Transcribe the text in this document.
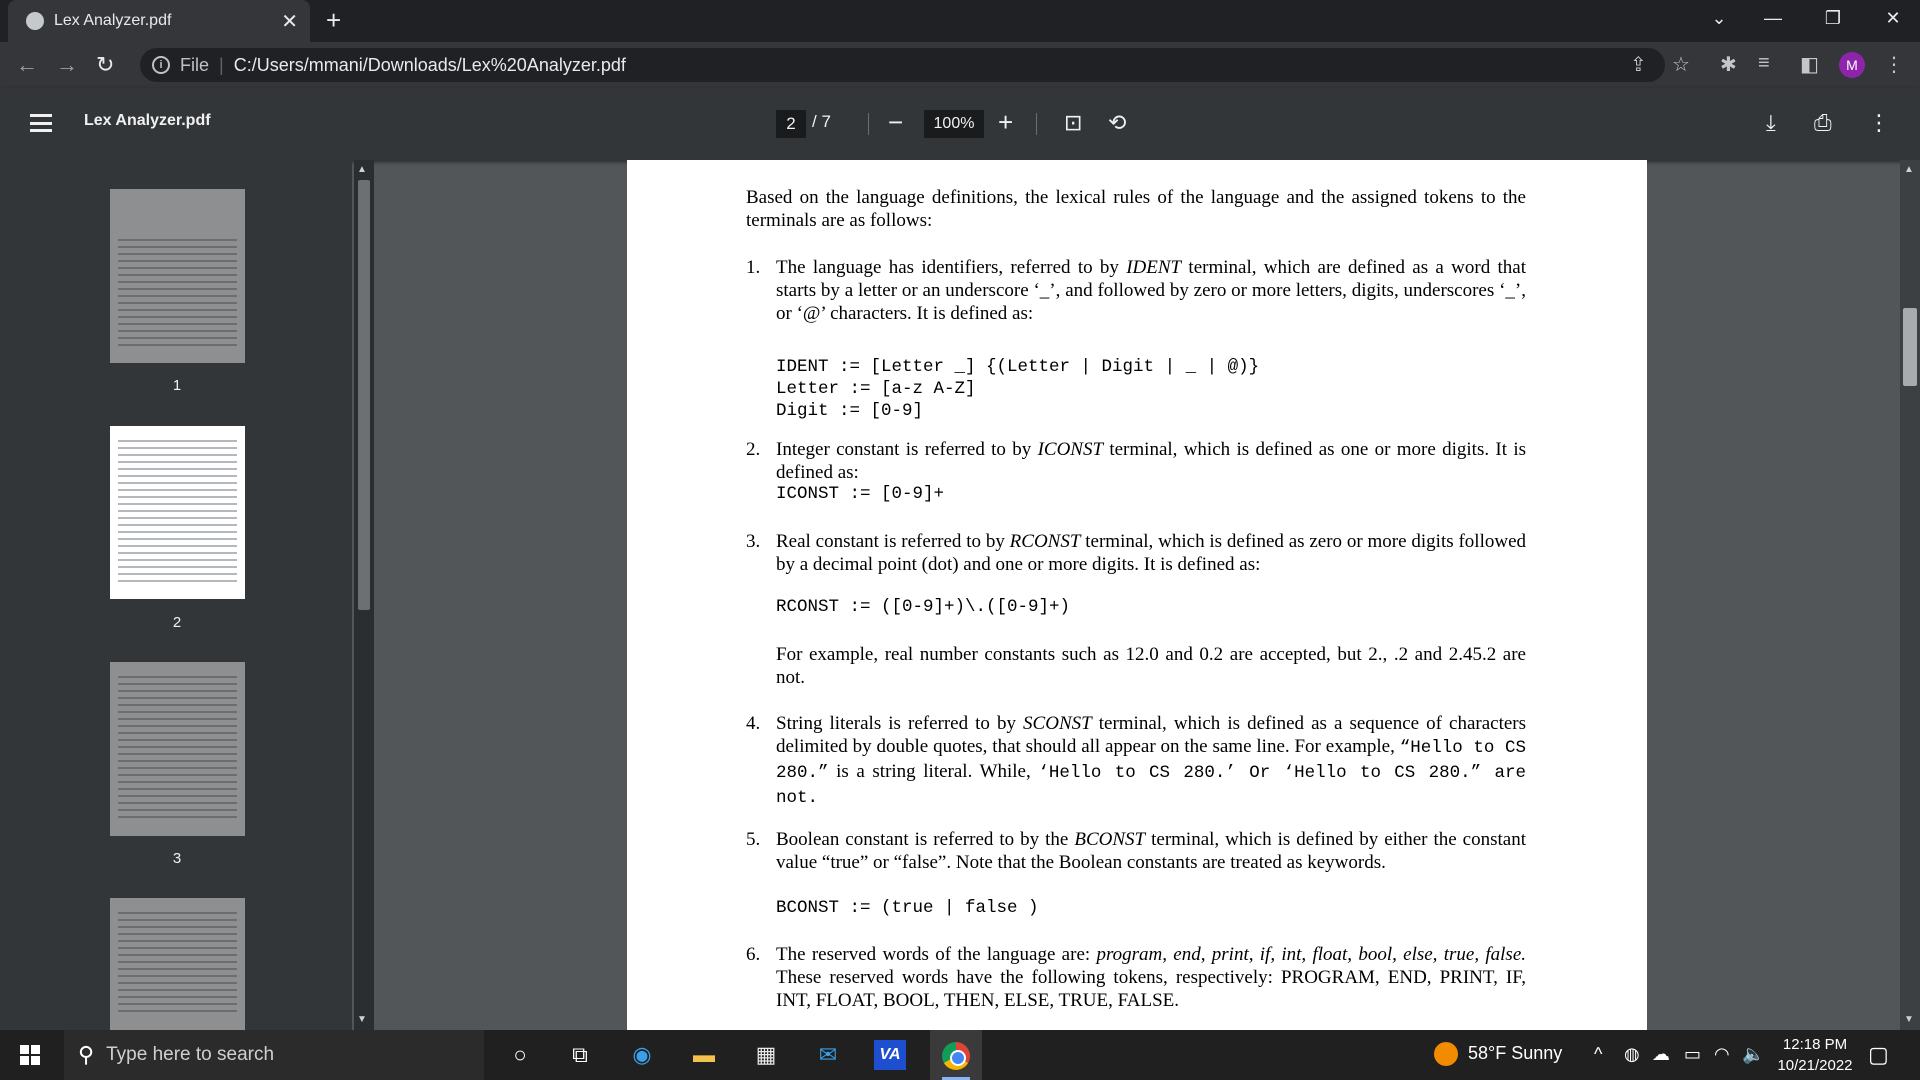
Lex Analyzer.pdf	✕ +	⌄	—	❐	✕
← → ↻	i File | C:/Users/mmani/Downloads/Lex%20Analyzer.pdf	⇪ ☆ ✱ ≡ ◧	M	⋮
Lex Analyzer.pdf	2 / 7 −	100% + ⊡ ⟲	⤓ ⎙ ⋮
1
2
3
▲
▼
Based on the language definitions, the lexical rules of the language and the assigned tokens to the terminals are as follows:
1. The language has identifiers, referred to by IDENT terminal, which are defined as a word that starts by a letter or an underscore ‘_’, and followed by zero or more letters, digits, underscores ‘_’, or ‘@’ characters. It is defined as:
IDENT := [Letter _] {(Letter | Digit | _ | @)}
Letter := [a-z A-Z]
Digit := [0-9]
2. Integer constant is referred to by ICONST terminal, which is defined as one or more digits. It is defined as:
ICONST := [0-9]+
3. Real constant is referred to by RCONST terminal, which is defined as zero or more digits followed by a decimal point (dot) and one or more digits. It is defined as:
RCONST := ([0-9]+)\.([0-9]+)
For example, real number constants such as 12.0 and 0.2 are accepted, but 2., .2 and 2.45.2 are not.
4. String literals is referred to by SCONST terminal, which is defined as a sequence of characters delimited by double quotes, that should all appear on the same line. For example, “Hello to CS 280.” is a string literal. While, ‘Hello to CS 280.’ Or ‘Hello to CS 280.” are not.
5. Boolean constant is referred to by the BCONST terminal, which is defined by either the constant value “true” or “false”. Note that the Boolean constants are treated as keywords.
BCONST := (true | false )
6. The reserved words of the language are: program, end, print, if, int, float, bool, else, true, false. These reserved words have the following tokens, respectively: PROGRAM, END, PRINT, IF, INT, FLOAT, BOOL, THEN, ELSE, TRUE, FALSE.
▲
▼
⚲ Type here to search	○	⧉	◉ ▬ ▦	✉	VA	58°F Sunny ^ ◍ ☁ ▭ ◠ 🔈	12:18 PM
10/21/2022 ▢
